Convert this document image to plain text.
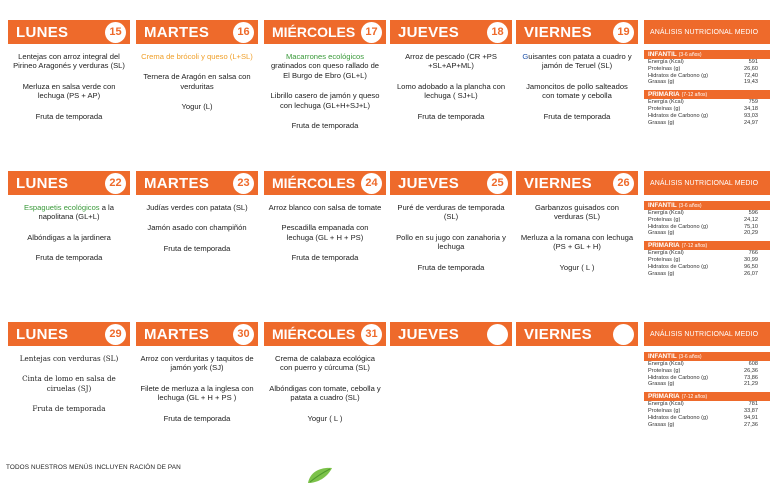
LUNES	15
Lentejas con arroz integral del Pirineo Aragonés y verduras (SL)
Merluza en salsa verde con lechuga (PS + AP)
Fruta de temporada
MARTES	16
Crema de brócoli y queso (L+SL)
Ternera de Aragón en salsa con verduritas
Yogur (L)
MIÉRCOLES 17
Macarrones ecológicos
gratinados con queso rallado de El Burgo de Ebro (GL+L)
Librillo casero de jamón y queso con lechuga (GL+H+SJ+L)
Fruta de temporada
JUEVES	18
Arroz de pescado (CR +PS +SL+AP+ML)
Lomo adobado a la plancha con lechuga ( SJ+L)
Fruta de temporada
VIERNES	19
Guisantes con patata a cuadro y jamón de Teruel (SL)
Jamoncitos de pollo salteados con tomate y cebolla
Fruta de temporada
ANÁLISIS NUTRICIONAL MEDIO
INFANTIL (3-6 años)
Energía (Kcal)	591
Proteínas (g)	26,60
Hidratos de Carbono (g)	72,40
Grasas (g)	19,43
PRIMARIA (7-12 años)
Energía (Kcal)	759
Proteínas (g)	34,18
Hidratos de Carbono (g)	93,03
Grasas (g)	24,97
LUNES	22
Espaguetis ecológicos a la napolitana (GL+L)
Albóndigas a la jardinera
Fruta de temporada
MARTES	23
Judías verdes con patata (SL)
Jamón asado con champiñón
Fruta de temporada
MIÉRCOLES 24
Arroz blanco con salsa de tomate
Pescadilla empanada con lechuga (GL + H + PS)
Fruta de temporada
JUEVES	25
Puré de verduras de temporada (SL)
Pollo en su jugo con zanahoria y lechuga
Fruta de temporada
VIERNES	26
Garbanzos guisados con verduras (SL)
Merluza a la romana con lechuga (PS + GL + H)
Yogur ( L )
ANÁLISIS NUTRICIONAL MEDIO
INFANTIL (3-6 años)
Energía (Kcal)	596
Proteínas (g)	24,12
Hidratos de Carbono (g)	75,10
Grasas (g)	20,29
PRIMARIA (7-12 años)
Energía (Kcal)	766
Proteínas (g)	30,99
Hidratos de Carbono (g)	96,50
Grasas (g)	26,07
LUNES	29
Lentejas con verduras (SL)
Cinta de lomo en salsa de ciruelas (SJ)
Fruta de temporada
MARTES	30
Arroz con verduritas y taquitos de jamón york (SJ)
Filete de merluza a la inglesa con lechuga (GL + H + PS )
Fruta de temporada
MIÉRCOLES 31
Crema de calabaza ecológica con puerro y cúrcuma (SL)
Albóndigas con tomate, cebolla y patata a cuadro (SL)
Yogur ( L )
JUEVES	VIERNES	ANÁLISIS NUTRICIONAL MEDIO
INFANTIL (3-6 años)
Energía (Kcal)	608
Proteínas (g)	26,36
Hidratos de Carbono (g)	73,86
Grasas (g)	21,29
PRIMARIA (7-12 años)
Energía (Kcal)	781
Proteínas (g)	33,87
Hidratos de Carbono (g)	94,91
Grasas (g)	27,36
TODOS NUESTROS MENÚS INCLUYEN RACIÓN DE PAN
